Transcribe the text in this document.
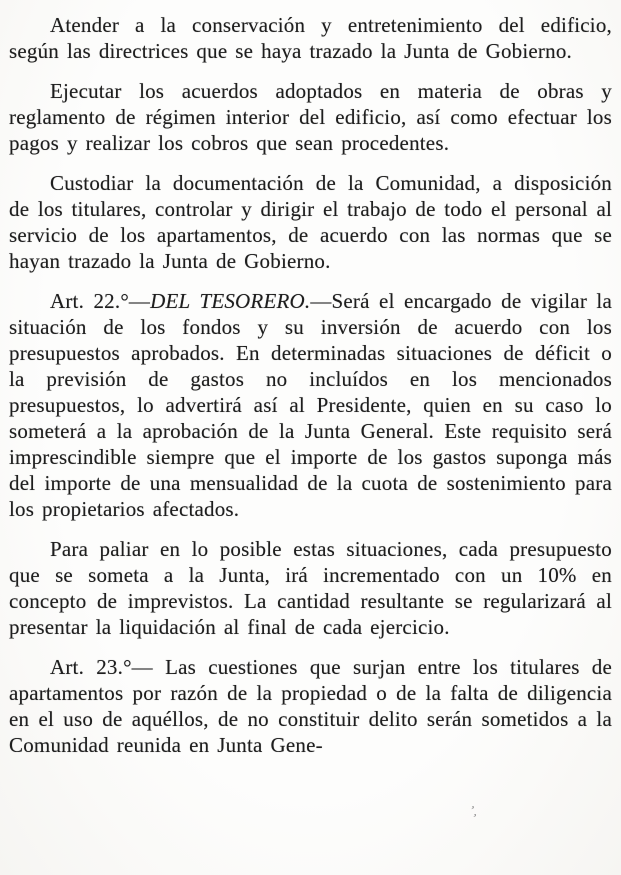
Atender a la conservación y entretenimiento del edificio, según las directrices que se haya trazado la Junta de Gobierno.

Ejecutar los acuerdos adoptados en materia de obras y reglamento de régimen interior del edificio, así como efectuar los pagos y realizar los cobros que sean procedentes.

Custodiar la documentación de la Comunidad, a disposición de los titulares, controlar y dirigir el trabajo de todo el personal al servicio de los apartamentos, de acuerdo con las normas que se hayan trazado la Junta de Gobierno.

Art. 22.°—DEL TESORERO.—Será el encargado de vigilar la situación de los fondos y su inversión de acuerdo con los presupuestos aprobados. En determinadas situaciones de déficit o la previsión de gastos no incluídos en los mencionados presupuestos, lo advertirá así al Presidente, quien en su caso lo someterá a la aprobación de la Junta General. Este requisito será imprescindible siempre que el importe de los gastos suponga más del importe de una mensualidad de la cuota de sostenimiento para los propietarios afectados.

Para paliar en lo posible estas situaciones, cada presupuesto que se someta a la Junta, irá incrementado con un 10% en concepto de imprevistos. La cantidad resultante se regularizará al presentar la liquidación al final de cada ejercicio.

Art. 23.°— Las cuestiones que surjan entre los titulares de apartamentos por razón de la propiedad o de la falta de diligencia en el uso de aquéllos, de no constituir delito serán sometidos a la Comunidad reunida en Junta Gene-

’,
